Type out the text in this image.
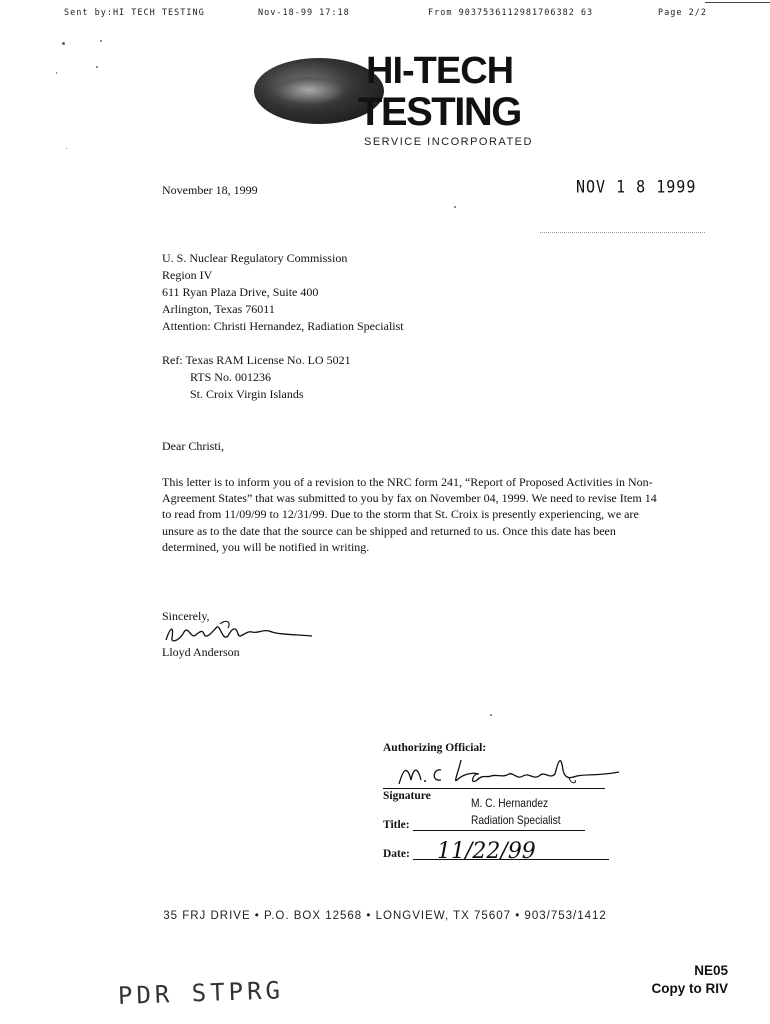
Sent by:HI TECH TESTING	Nov-18-99 17:18	From 9037536112981706382 63	Page 2/2
HI-TECH
TESTING
SERVICE INCORPORATED
November 18, 1999	NOV 1 8 1999
U. S. Nuclear Regulatory Commission
Region IV
611 Ryan Plaza Drive, Suite 400
Arlington, Texas 76011
Attention: Christi Hernandez, Radiation Specialist
Ref: Texas RAM License No. LO 5021
RTS No. 001236
St. Croix Virgin Islands
Dear Christi,
This letter is to inform you of a revision to the NRC form 241, “Report of Proposed Activities in Non- Agreement States” that was submitted to you by fax on November 04, 1999. We need to revise Item 14 to read from 11/09/99 to 12/31/99. Due to the storm that St. Croix is presently experiencing, we are unsure as to the date that the source can be shipped and returned to us. Once this date has been determined, you will be notified in writing.
Sincerely,
Lloyd Anderson
Authorizing Official:
Signature	M. C. Hernandez
Title:	Radiation Specialist
Date: 11/22/99
35 FRJ DRIVE • P.O. BOX 12568 • LONGVIEW, TX 75607 • 903/753/1412
NE05
Copy to RIV
PDR STPRG
